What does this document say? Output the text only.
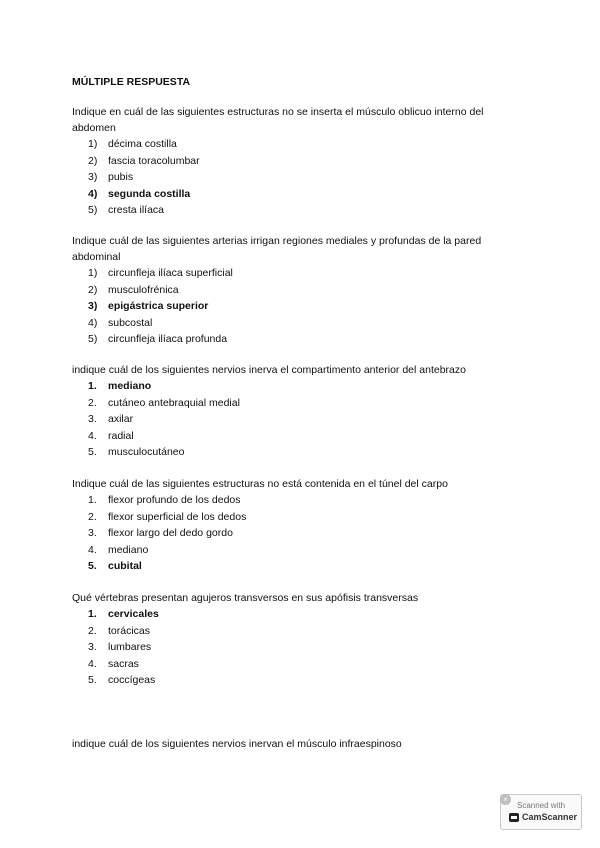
MÚLTIPLE RESPUESTA

Indique en cuál de las siguientes estructuras no se inserta el músculo oblicuo interno del abdomen

1)	décima costilla
2)	fascia toracolumbar
3)	pubis
4)	segunda costilla
5)	cresta ilíaca

Indique cuál de las siguientes arterias irrigan regiones mediales y profundas de la pared abdominal

1)	circunfleja ilíaca superficial
2)	musculofrénica
3)	epigástrica superior
4)	subcostal
5)	circunfleja ilíaca profunda

indique cuál de los siguientes nervios inerva el compartimento anterior del antebrazo

1.	mediano
2.	cutáneo antebraquial medial
3.	axilar
4.	radial
5.	musculocutáneo

Indique cuál de las siguientes estructuras no está contenida en el túnel del carpo

1.	flexor profundo de los dedos
2.	flexor superficial de los dedos
3.	flexor largo del dedo gordo
4.	mediano
5.	cubital

Qué vértebras presentan agujeros transversos en sus apófisis transversas

1.	cervicales
2.	torácicas
3.	lumbares
4.	sacras
5.	coccígeas
indique cuál de los siguientes nervios inervan el músculo infraespinoso
×
Scanned with
CamScanner
